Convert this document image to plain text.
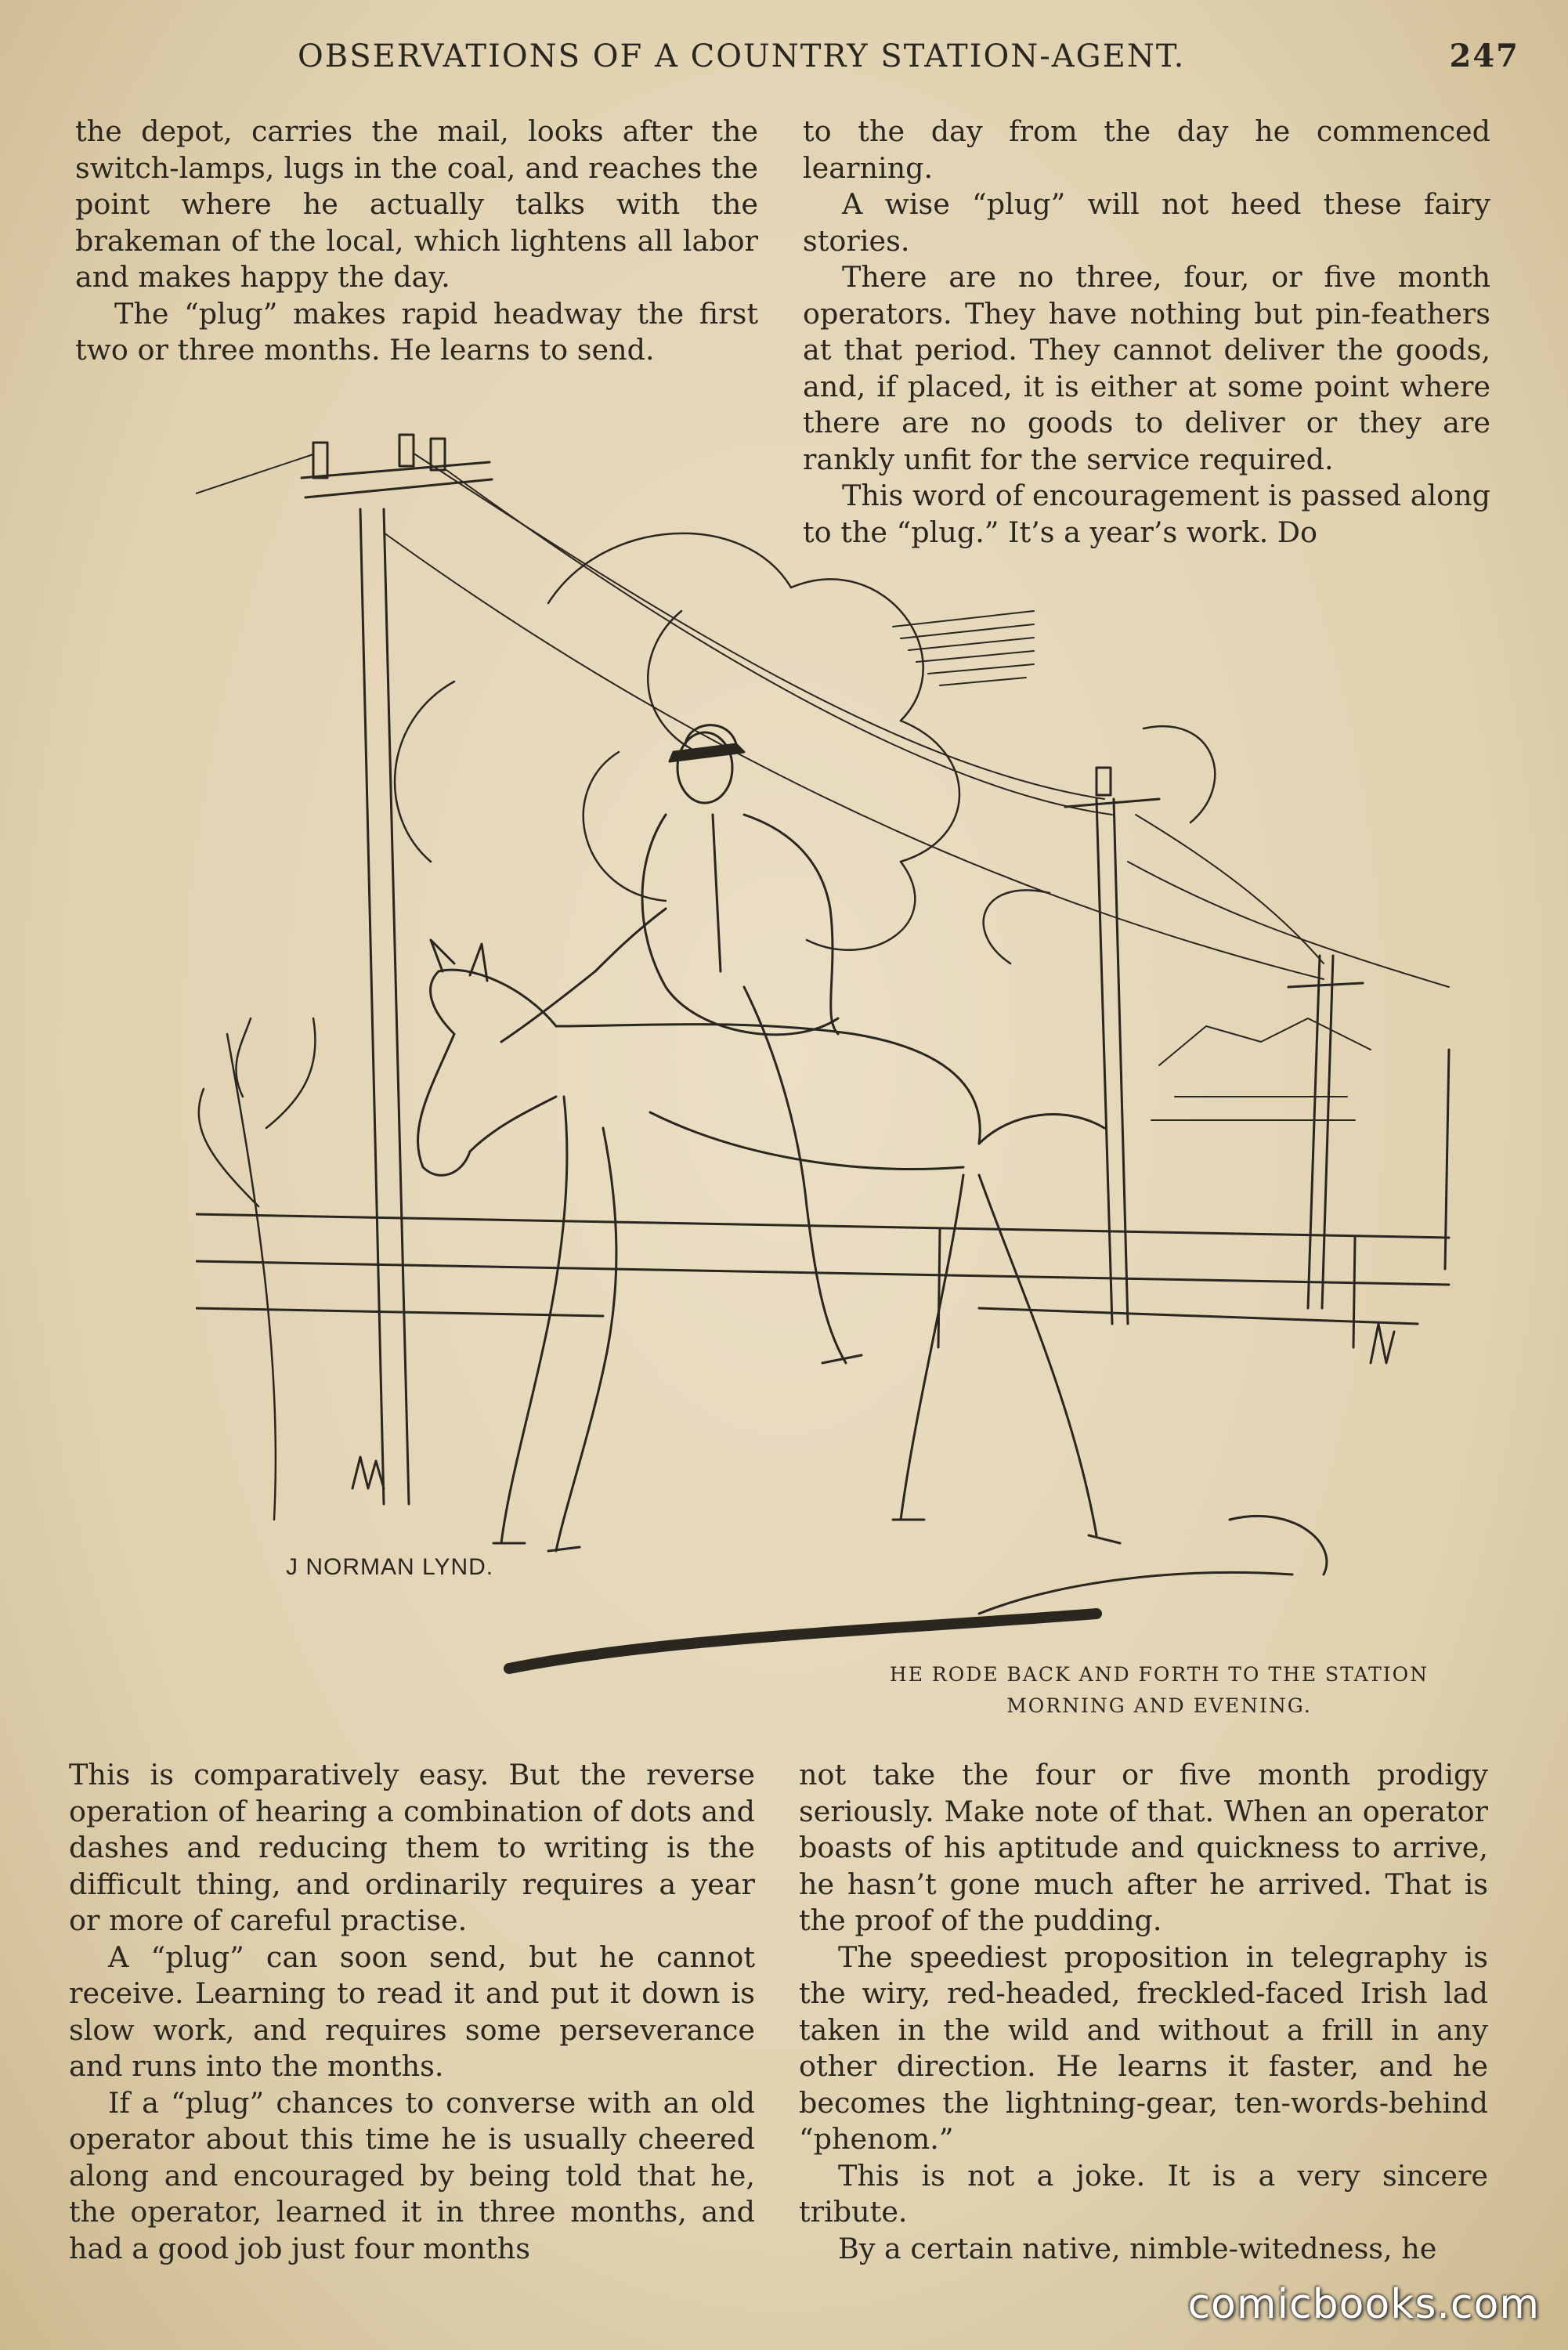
OBSERVATIONS OF A COUNTRY STATION-AGENT.	247

the depot, carries the mail, looks after the switch-lamps, lugs in the coal, and reaches the point where he actually talks with the brakeman of the local, which lightens all labor and makes happy the day.

The “plug” makes rapid headway the first two or three months. He learns to send.

to the day from the day he commenced learning.

A wise “plug” will not heed these fairy stories.

There are no three, four, or five month operators. They have nothing but pin-feathers at that period. They cannot deliver the goods, and, if placed, it is either at some point where there are no goods to deliver or they are rankly unfit for the service required.

This word of encouragement is passed along to the “plug.” It’s a year’s work. Do

J NORMAN LYND.
HE RODE BACK AND FORTH TO THE STATION
MORNING AND EVENING.

This is comparatively easy. But the reverse operation of hearing a combination of dots and dashes and reducing them to writing is the difficult thing, and ordinarily requires a year or more of careful practise.

A “plug” can soon send, but he cannot receive. Learning to read it and put it down is slow work, and requires some perseverance and runs into the months.

If a “plug” chances to converse with an old operator about this time he is usually cheered along and encouraged by being told that he, the operator, learned it in three months, and had a good job just four months

not take the four or five month prodigy seriously. Make note of that. When an operator boasts of his aptitude and quickness to arrive, he hasn’t gone much after he arrived. That is the proof of the pudding.

The speediest proposition in telegraphy is the wiry, red-headed, freckled-faced Irish lad taken in the wild and without a frill in any other direction. He learns it faster, and he becomes the lightning-gear, ten-words-behind “phenom.”

This is not a joke. It is a very sincere tribute.

By a certain native, nimble-witedness, he

comicbooks.com
